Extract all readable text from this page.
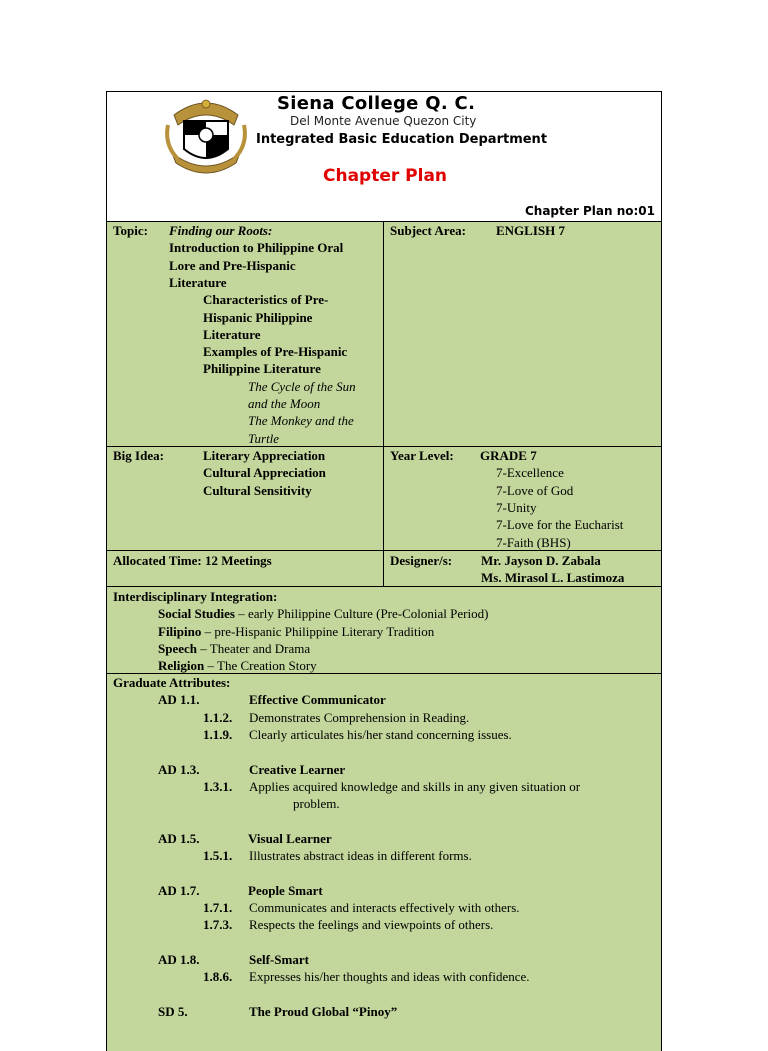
Siena College Q. C.
Del Monte Avenue Quezon City
Integrated Basic Education Department
Chapter Plan
Chapter Plan no:01
Topic: Finding our Roots:
Introduction to Philippine Oral
Lore and Pre-Hispanic
Literature
Characteristics of Pre-
Hispanic Philippine
Literature
Examples of Pre-Hispanic
Philippine Literature
The Cycle of the Sun
and the Moon
The Monkey and the
Turtle
Subject Area: ENGLISH 7
Big Idea:	Literary Appreciation
Cultural Appreciation
Cultural Sensitivity
Year Level: GRADE 7
7-Excellence
7-Love of God
7-Unity
7-Love for the Eucharist
7-Faith (BHS)
Allocated Time: 12 Meetings	Designer/s: Mr. Jayson D. Zabala
Ms. Mirasol L. Lastimoza
Interdisciplinary Integration:
Social Studies – early Philippine Culture (Pre-Colonial Period)
Filipino – pre-Hispanic Philippine Literary Tradition
Speech – Theater and Drama
Religion – The Creation Story
Graduate Attributes:
AD 1.1.	Effective Communicator
1.1.2. Demonstrates Comprehension in Reading.
1.1.9. Clearly articulates his/her stand concerning issues.
AD 1.3.	Creative Learner
1.3.1. Applies acquired knowledge and skills in any given situation or
problem.
AD 1.5.	Visual Learner
1.5.1. Illustrates abstract ideas in different forms.
AD 1.7.	People Smart
1.7.1. Communicates and interacts effectively with others.
1.7.3. Respects the feelings and viewpoints of others.
AD 1.8.	Self-Smart
1.8.6. Expresses his/her thoughts and ideas with confidence.
SD 5.	The Proud Global “Pinoy”
